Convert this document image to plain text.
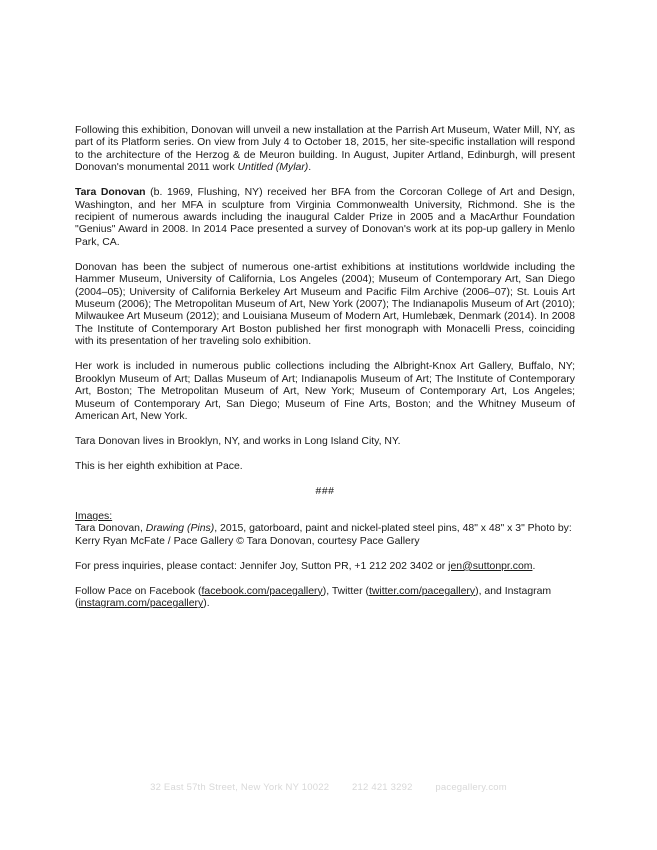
Following this exhibition, Donovan will unveil a new installation at the Parrish Art Museum, Water Mill, NY, as part of its Platform series. On view from July 4 to October 18, 2015, her site-specific installation will respond to the architecture of the Herzog & de Meuron building. In August, Jupiter Artland, Edinburgh, will present Donovan's monumental 2011 work Untitled (Mylar).

Tara Donovan (b. 1969, Flushing, NY) received her BFA from the Corcoran College of Art and Design, Washington, and her MFA in sculpture from Virginia Commonwealth University, Richmond. She is the recipient of numerous awards including the inaugural Calder Prize in 2005 and a MacArthur Foundation "Genius" Award in 2008. In 2014 Pace presented a survey of Donovan's work at its pop-up gallery in Menlo Park, CA.

Donovan has been the subject of numerous one-artist exhibitions at institutions worldwide including the Hammer Museum, University of California, Los Angeles (2004); Museum of Contemporary Art, San Diego (2004–05); University of California Berkeley Art Museum and Pacific Film Archive (2006–07); St. Louis Art Museum (2006); The Metropolitan Museum of Art, New York (2007); The Indianapolis Museum of Art (2010); Milwaukee Art Museum (2012); and Louisiana Museum of Modern Art, Humlebæk, Denmark (2014). In 2008 The Institute of Contemporary Art Boston published her first monograph with Monacelli Press, coinciding with its presentation of her traveling solo exhibition.

Her work is included in numerous public collections including the Albright-Knox Art Gallery, Buffalo, NY; Brooklyn Museum of Art; Dallas Museum of Art; Indianapolis Museum of Art; The Institute of Contemporary Art, Boston; The Metropolitan Museum of Art, New York; Museum of Contemporary Art, Los Angeles; Museum of Contemporary Art, San Diego; Museum of Fine Arts, Boston; and the Whitney Museum of American Art, New York.

Tara Donovan lives in Brooklyn, NY, and works in Long Island City, NY.

This is her eighth exhibition at Pace.

###

Images:
Tara Donovan, Drawing (Pins), 2015, gatorboard, paint and nickel-plated steel pins, 48" x 48" x 3" Photo by: Kerry Ryan McFate / Pace Gallery © Tara Donovan, courtesy Pace Gallery

For press inquiries, please contact: Jennifer Joy, Sutton PR, +1 212 202 3402 or jen@suttonpr.com.

Follow Pace on Facebook (facebook.com/pacegallery), Twitter (twitter.com/pacegallery), and Instagram (instagram.com/pacegallery).

32 East 57th Street, New York NY 10022 212 421 3292 pacegallery.com
